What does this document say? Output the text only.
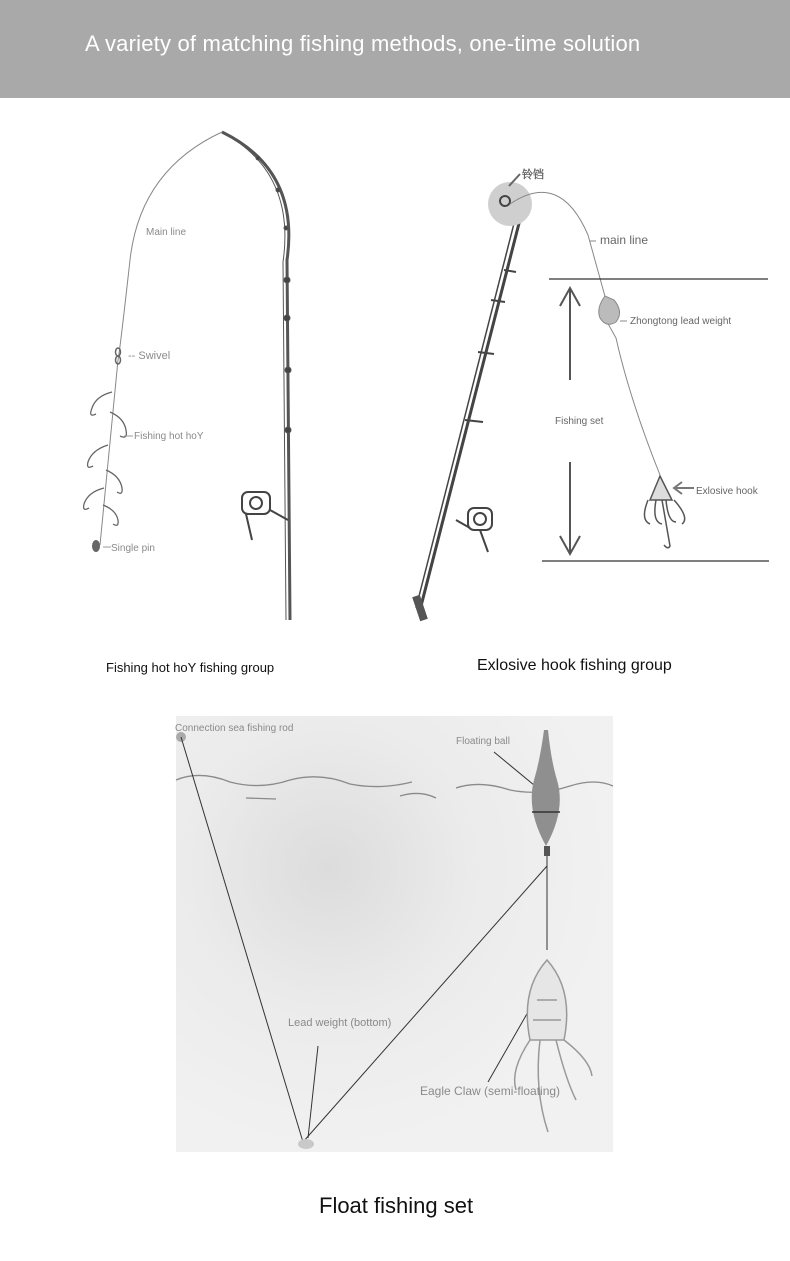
A variety of matching fishing methods, one-time solution
Main line
-- Swivel
Fishing hot hoY
Single pin
铃铛
main line
Zhongtong lead weight
Fishing set
Exlosive hook
Connection sea fishing rod
Floating ball
Lead weight (bottom)
Eagle Claw (semi-floating)
Fishing hot hoY fishing group	Exlosive hook fishing group
Float fishing set
